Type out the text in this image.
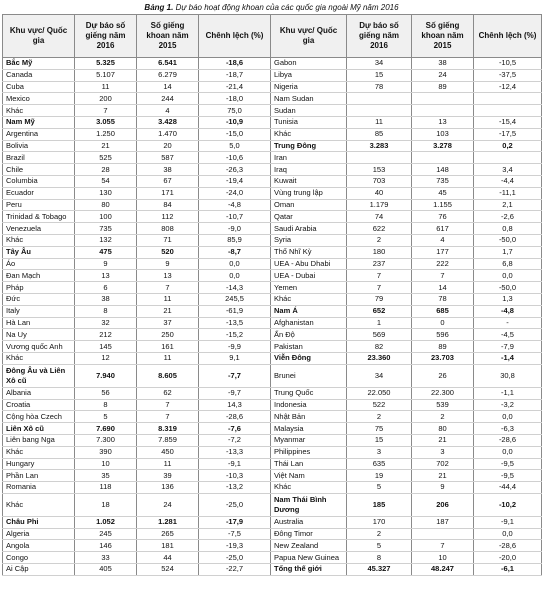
Bảng 1. Dự báo hoạt động khoan của các quốc gia ngoài Mỹ năm 2016
Khu vực/ Quốc gia	Dự báo số giếng năm 2016	Số giếng khoan năm 2015	Chênh lệch (%)	Khu vực/ Quốc gia	Dự báo số giếng năm 2016	Số giếng khoan năm 2015	Chênh lệch (%)
Bắc Mỹ	5.325	6.541	-18,6	Gabon	34	38	-10,5
Canada	5.107	6.279	-18,7	Libya	15	24	-37,5
Cuba	11	14	-21,4	Nigeria	78	89	-12,4
Mexico	200	244	-18,0	Nam Sudan			
Khác	7	4	75,0	Sudan			
Nam Mỹ	3.055	3.428	-10,9	Tunisia	11	13	-15,4
Argentina	1.250	1.470	-15,0	Khác	85	103	-17,5
Bolivia	21	20	5,0	Trung Đông	3.283	3.278	0,2
Brazil	525	587	-10,6	Iran			
Chile	28	38	-26,3	Iraq	153	148	3,4
Columbia	54	67	-19,4	Kuwait	703	735	-4,4
Ecuador	130	171	-24,0	Vùng trung lập	40	45	-11,1
Peru	80	84	-4,8	Oman	1.179	1.155	2,1
Trinidad & Tobago	100	112	-10,7	Qatar	74	76	-2,6
Venezuela	735	808	-9,0	Saudi Arabia	622	617	0,8
Khác	132	71	85,9	Syria	2	4	-50,0
Tây Âu	475	520	-8,7	Thổ Nhĩ Kỳ	180	177	1,7
Áo	9	9	0,0	UEA - Abu Dhabi	237	222	6,8
Đan Mạch	13	13	0,0	UEA - Dubai	7	7	0,0
Pháp	6	7	-14,3	Yemen	7	14	-50,0
Đức	38	11	245,5	Khác	79	78	1,3
Italy	8	21	-61,9	Nam Á	652	685	-4,8
Hà Lan	32	37	-13,5	Afghanistan	1	0	-
Na Uy	212	250	-15,2	Ấn Độ	569	596	-4,5
Vương quốc Anh	145	161	-9,9	Pakistan	82	89	-7,9
Khác	12	11	9,1	Viễn Đông	23.360	23.703	-1,4
Đông Âu và Liên Xô cũ	7.940	8.605	-7,7	Brunei	34	26	30,8
Albania	56	62	-9,7	Trung Quốc	22.050	22.300	-1,1
Croatia	8	7	14,3	Indonesia	522	539	-3,2
Cộng hòa Czech	5	7	-28,6	Nhật Bản	2	2	0,0
Liên Xô cũ	7.690	8.319	-7,6	Malaysia	75	80	-6,3
Liên bang Nga	7.300	7.859	-7,2	Myanmar	15	21	-28,6
Khác	390	450	-13,3	Philippines	3	3	0,0
Hungary	10	11	-9,1	Thái Lan	635	702	-9,5
Phần Lan	35	39	-10,3	Việt Nam	19	21	-9,5
Romania	118	136	-13,2	Khác	5	9	-44,4
Khác	18	24	-25,0	Nam Thái Bình Dương	185	206	-10,2
Châu Phi	1.052	1.281	-17,9	Australia	170	187	-9,1
Algeria	245	265	-7,5	Đông Timor	2		0,0
Angola	146	181	-19,3	New Zealand	5	7	-28,6
Congo	33	44	-25,0	Papua New Guinea	8	10	-20,0
Ai Cập	405	524	-22,7	Tổng thế giới	45.327	48.247	-6,1
